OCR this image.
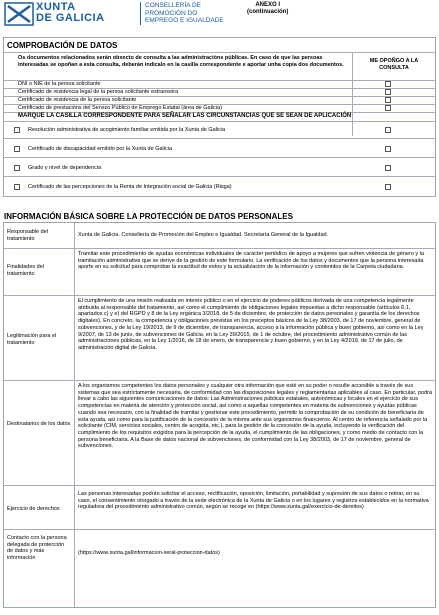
XUNTA
DE GALICIA
CONSELLERÍA DE
PROMOCIÓN DO
EMPREGO E IGUALDADE
ANEXO I
(continuación)
COMPROBACIÓN DE DATOS
Os documentos relacionados serán obxecto de consulta a las administracións públicas. En caso de que las persoas interesadas se opoñan a esta consulta, deberán indicalo en la casilla correspondente e aportar unha copia dos documentos.
ME OPOÑGO A LA CONSULTA
DNI o NIE de la persoa solicitante
Certificado de residencia legal de la persoa solicitante estranxeira
Certificado de residencia de la persoa solicitante
Certificado de prestacións del Servizo Público de Emprego Estatal (área de Galicia)
MARQUE LA CASILLA CORRESPONDENTE PARA SEÑALAR LAS CIRCUNSTANCIAS QUE SE SEAN DE APLICACIÓN
Resolución administrativa de acogimiento familiar emitida por la Xunta de Galicia
Certificado de discapacidad emitido por la Xunta de Galicia
Grado y nivel de dependencia
Certificado de las percepciones de la Renta de Integración social de Galicia (Risga)
INFORMACIÓN BÁSICA SOBRE LA PROTECCIÓN DE DATOS PERSONALES
Responsable del tratamiento
Xunta de Galicia. Consellería de Promoción del Empleo e Igualdad. Secretaría General de la Igualdad.
Finalidades del tratamiento
Tramitar este procedimiento de ayudas económicas individuales de carácter periódico de apoyo a mujeres que sufren violencia de género y la tramitación administrativa que se derive de la gestión de este formulario. La verificación de los datos y documentos que la persona interesada aporte en su solicitud para comprobar la exactitud de estos y la actualización de la información y contenidos de la Carpeta ciudadana.
Legitimación para el tratamiento
El cumplimiento de una misión realizada en interés público o en el ejercicio de poderes públicos derivada de una competencia legalmente atribuida al responsable del tratamiento, así como el cumplimiento de obligaciones legales impuestas a dicho responsable (artículos 6.1, apartados c) y e) del RGPD y 8 de la Ley orgánica 3/2018, de 5 de diciembre, de protección de datos personales y garantía de los derechos digitales). En concreto, la competencia y obligaciones previstas en los preceptos básicos de la Ley 38/2003, de 17 de noviembre, general de subvenciones, y de la Ley 19/2013, de 9 de diciembre, de transparencia, acceso a la información pública y buen gobierno, así como en la Ley 9/2007, de 13 de junio, de subvenciones de Galicia, en la Ley 39/2015, de 1 de octubre, del procedimiento administrativo común de las administraciones públicas, en la Ley 1/2016, de 18 de enero, de transparencia y buen gobierno, y en la Ley 4/2019, de 17 de julio, de administración digital de Galicia.
Destinatarios de los datos
A los organismos competentes los datos personales y cualquier otra información que esté en su poder o resulte accesible a través de sus sistemas que sea estrictamente necesaria, de conformidad con las disposiciones legales y reglamentarias aplicables al caso. En particular, podrá llevar a cabo las siguientes comunicaciones de datos: Las Administraciones públicas estatales, autonómicas y locales en el ejercicio de sus competencias en materia de atención y protección social, así como a aquellas competentes en materia de subvenciones y ayudas públicas cuando sea necesario, con la finalidad de tramitar y gestionar este procedimiento, permitir la comprobación de su condición de beneficiaria de esta ayuda, así como para la justificación de la concesión de la misma ante sus organismos financieros. Al centro de referencia señalado por la solicitante (CIM, servicios sociales, centro de acogida, etc.), para la gestión de la concesión de la ayuda, incluyendo la verificación del cumplimiento de los requisitos exigidos para la percepción de la ayuda, el cumplimiento de las obligaciones, y como medio de contacto con la persona beneficiaria. A la Base de datos nacional de subvenciones, de conformidad con la Ley 38/2003, de 17 de noviembre, general de subvenciones.
Ejercicio de derechos
Las personas interesadas podrán solicitar el acceso, rectificación, oposición, limitación, portabilidad y supresión de sus datos o retirar, en su caso, el consentimiento otorgado a través de la sede electrónica de la Xunta de Galicia o en los lugares y registros establecidos en la normativa reguladora del procedimiento administrativo común, según se recoge en (https://www.xunta.gal/exercicio-de-dereitos)
Contacto con la persona delegada de protección de datos y más información
(https://www.xunta.gal/informacion-xeral-proteccion-datos)
